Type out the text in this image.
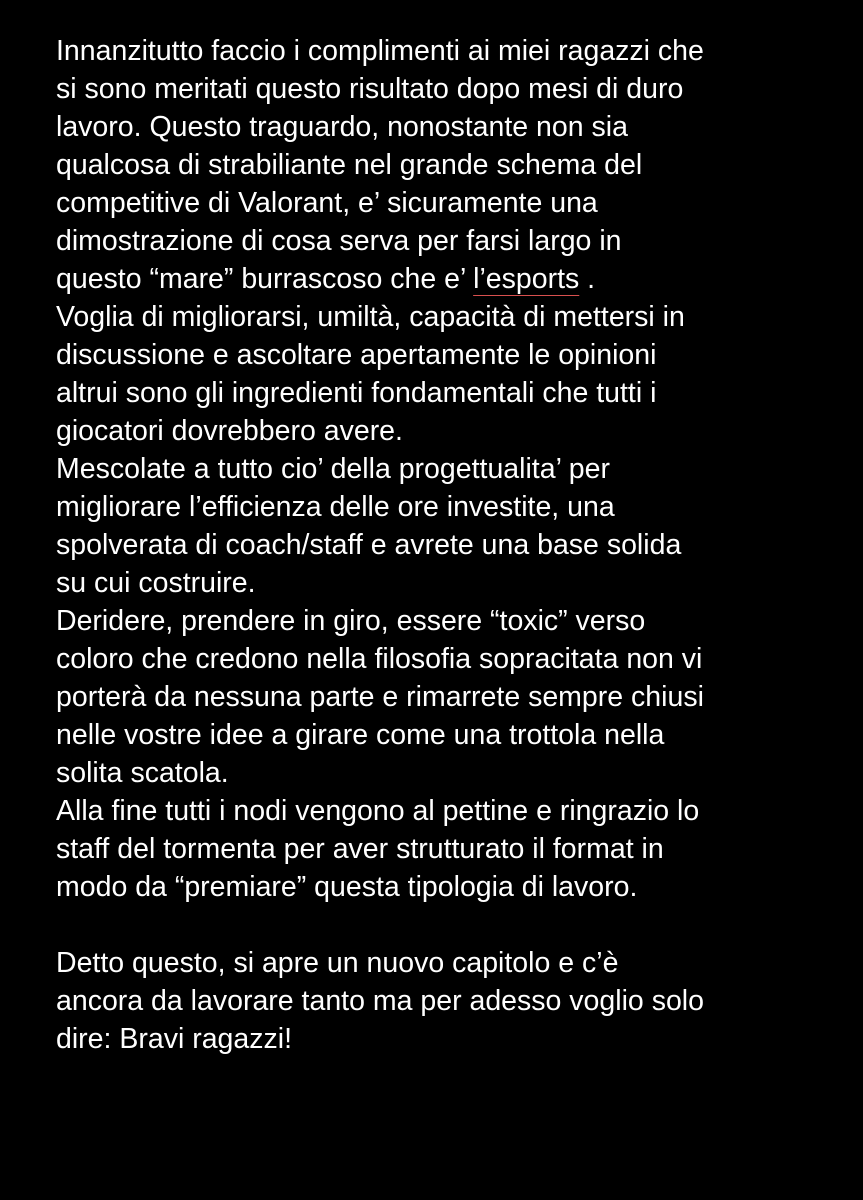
Innanzitutto faccio i complimenti ai miei ragazzi che
si sono meritati questo risultato dopo mesi di duro
lavoro. Questo traguardo, nonostante non sia
qualcosa di strabiliante nel grande schema del
competitive di Valorant, e’ sicuramente una
dimostrazione di cosa serva per farsi largo in
questo “mare” burrascoso che e’ l’esports .
Voglia di migliorarsi, umiltà, capacità di mettersi in
discussione e ascoltare apertamente le opinioni
altrui sono gli ingredienti fondamentali che tutti i
giocatori dovrebbero avere.
Mescolate a tutto cio’ della progettualita’ per
migliorare l’efficienza delle ore investite, una
spolverata di coach/staff e avrete una base solida
su cui costruire.
Deridere, prendere in giro, essere “toxic” verso
coloro che credono nella filosofia sopracitata non vi
porterà da nessuna parte e rimarrete sempre chiusi
nelle vostre idee a girare come una trottola nella
solita scatola.
Alla fine tutti i nodi vengono al pettine e ringrazio lo
staff del tormenta per aver strutturato il format in
modo da “premiare” questa tipologia di lavoro.
Detto questo, si apre un nuovo capitolo e c’è
ancora da lavorare tanto ma per adesso voglio solo
dire: Bravi ragazzi!
